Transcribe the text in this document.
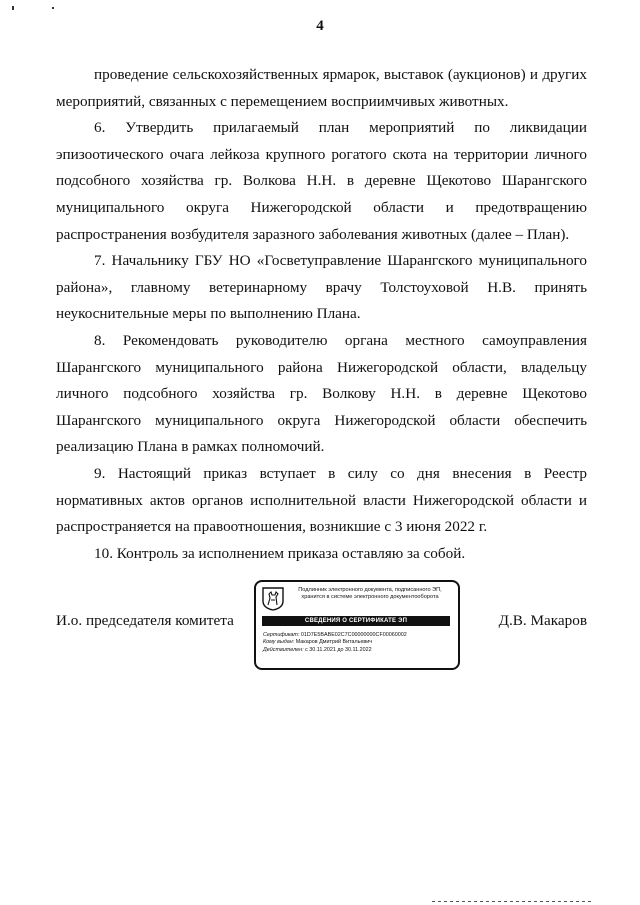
4

проведение сельскохозяйственных ярмарок, выставок (аукционов) и других мероприятий, связанных с перемещением восприимчивых животных.

6. Утвердить прилагаемый план мероприятий по ликвидации эпизоотического очага лейкоза крупного рогатого скота на территории личного подсобного хозяйства гр. Волкова Н.Н. в деревне Щекотово Шарангского муниципального округа Нижегородской области и предотвращению распространения возбудителя заразного заболевания животных (далее – План).

7. Начальнику ГБУ НО «Госветуправление Шарангского муниципального района», главному ветеринарному врачу Толстоуховой Н.В. принять неукоснительные меры по выполнению Плана.

8. Рекомендовать руководителю органа местного самоуправления Шарангского муниципального района Нижегородской области, владельцу личного подсобного хозяйства гр. Волкову Н.Н. в деревне Щекотово Шарангского муниципального округа Нижегородской области обеспечить реализацию Плана в рамках полномочий.

9. Настоящий приказ вступает в силу со дня внесения в Реестр нормативных актов органов исполнительной власти Нижегородской области и распространяется на правоотношения, возникшие с 3 июня 2022 г.

10. Контроль за исполнением приказа оставляю за собой.

И.о. председателя комитета	Д.В. Макаров
Подлинник электронного документа, подписанного ЭП,
хранится в системе электронного документооборота
СВЕДЕНИЯ О СЕРТИФИКАТЕ ЭП
Сертификат: 01D7E5BABE02C7C00000000CF00060002
Кому выдан: Макаров Дмитрий Витальевич
Действителен: с 30.11.2021 до 30.11.2022
